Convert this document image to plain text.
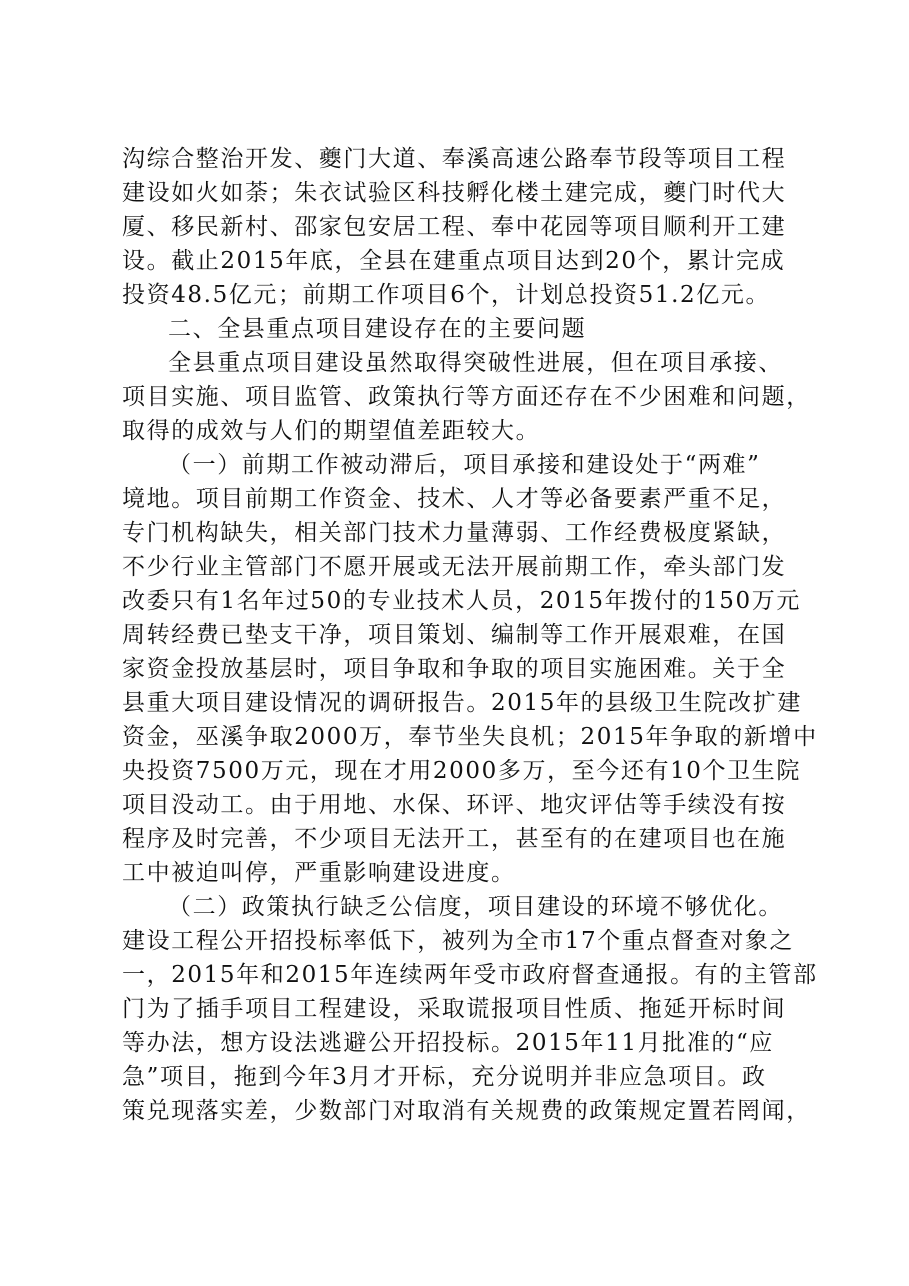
沟综合整治开发、夔门大道、奉溪高速公路奉节段等项目工程
建设如火如荼；朱衣试验区科技孵化楼土建完成，夔门时代大
厦、移民新村、邵家包安居工程、奉中花园等项目顺利开工建
设。截止2015年底，全县在建重点项目达到20个，累计完成
投资48.5亿元；前期工作项目6个，计划总投资51.2亿元。
二、全县重点项目建设存在的主要问题
全县重点项目建设虽然取得突破性进展，但在项目承接、
项目实施、项目监管、政策执行等方面还存在不少困难和问题，
取得的成效与人们的期望值差距较大。
（一）前期工作被动滞后，项目承接和建设处于“两难”
境地。项目前期工作资金、技术、人才等必备要素严重不足，
专门机构缺失，相关部门技术力量薄弱、工作经费极度紧缺，
不少行业主管部门不愿开展或无法开展前期工作，牵头部门发
改委只有1名年过50的专业技术人员，2015年拨付的150万元
周转经费已垫支干净，项目策划、编制等工作开展艰难，在国
家资金投放基层时，项目争取和争取的项目实施困难。关于全
县重大项目建设情况的调研报告。2015年的县级卫生院改扩建
资金，巫溪争取2000万，奉节坐失良机；2015年争取的新增中
央投资7500万元，现在才用2000多万，至今还有10个卫生院
项目没动工。由于用地、水保、环评、地灾评估等手续没有按
程序及时完善，不少项目无法开工，甚至有的在建项目也在施
工中被迫叫停，严重影响建设进度。
（二）政策执行缺乏公信度，项目建设的环境不够优化。
建设工程公开招投标率低下，被列为全市17个重点督查对象之
一，2015年和2015年连续两年受市政府督查通报。有的主管部
门为了插手项目工程建设，采取谎报项目性质、拖延开标时间
等办法，想方设法逃避公开招投标。2015年11月批准的“应
急”项目，拖到今年3月才开标，充分说明并非应急项目。政
策兑现落实差，少数部门对取消有关规费的政策规定置若罔闻，
